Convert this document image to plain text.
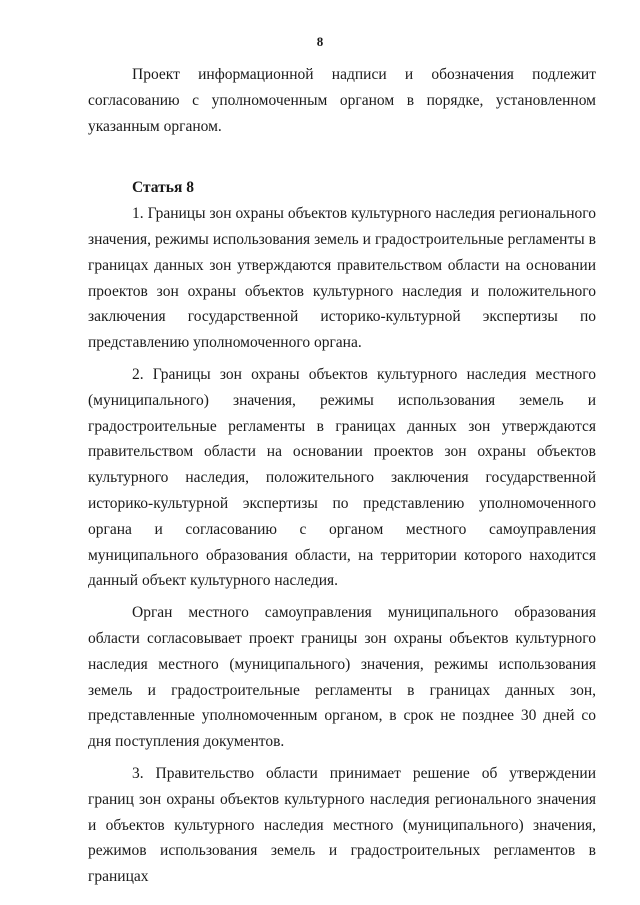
8

Проект информационной надписи и обозначения подлежит согласованию с уполномоченным органом в порядке, установленном указанным органом.

Статья 8

1. Границы зон охраны объектов культурного наследия регионального значения, режимы использования земель и градостроительные регламенты в границах данных зон утверждаются правительством области на основании проектов зон охраны объектов культурного наследия и положительного заключения государственной историко-культурной экспертизы по представлению уполномоченного органа.

2. Границы зон охраны объектов культурного наследия местного (муниципального) значения, режимы использования земель и градостроительные регламенты в границах данных зон утверждаются правительством области на основании проектов зон охраны объектов культурного наследия, положительного заключения государственной историко-культурной экспертизы по представлению уполномоченного органа и согласованию с органом местного самоуправления муниципального образования области, на территории которого находится данный объект культурного наследия.

Орган местного самоуправления муниципального образования области согласовывает проект границы зон охраны объектов культурного наследия местного (муниципального) значения, режимы использования земель и градостроительные регламенты в границах данных зон, представленные уполномоченным органом, в срок не позднее 30 дней со дня поступления документов.

3. Правительство области принимает решение об утверждении границ зон охраны объектов культурного наследия регионального значения и объектов культурного наследия местного (муниципального) значения, режимов использования земель и градостроительных регламентов в границах
